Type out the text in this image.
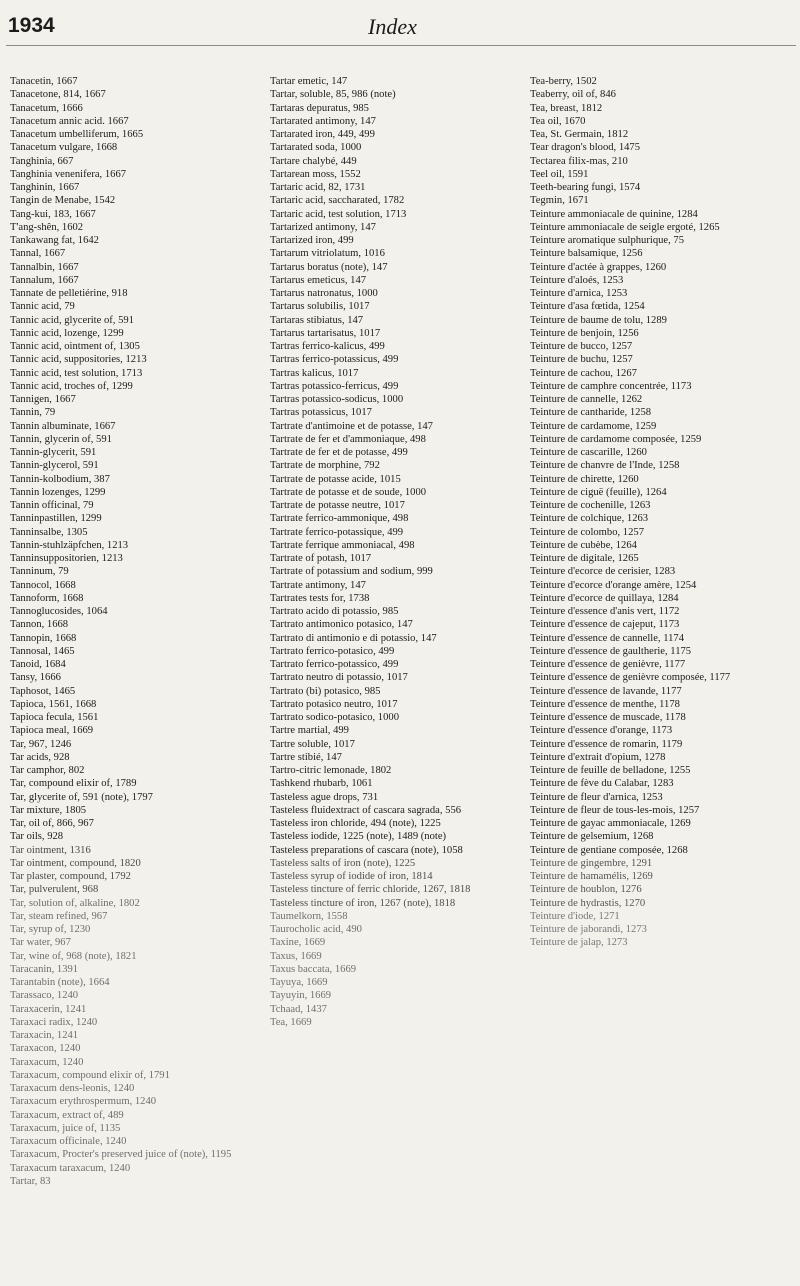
1934	Index
Tanacetin, 1667
Tanacetone, 814, 1667
Tanacetum, 1666
Tanacetum annic acid. 1667
Tanacetum umbelliferum, 1665
Tanacetum vulgare, 1668
Tanghinia, 667
Tanghinia venenifera, 1667
Tanghinin, 1667
Tangin de Menabe, 1542
Tang-kui, 183, 1667
T'ang-shên, 1602
Tankawang fat, 1642
Tannal, 1667
Tannalbin, 1667
Tannalum, 1667
Tannate de pelletiérine, 918
Tannic acid, 79
Tannic acid, glycerite of, 591
Tannic acid, lozenge, 1299
Tannic acid, ointment of, 1305
Tannic acid, suppositories, 1213
Tannic acid, test solution, 1713
Tannic acid, troches of, 1299
Tannigen, 1667
Tannin, 79
Tannin albuminate, 1667
Tannin, glycerin of, 591
Tannin-glycerit, 591
Tannin-glycerol, 591
Tannin-kolbodium, 387
Tannin lozenges, 1299
Tannin officinal, 79
Tanninpastillen, 1299
Tanninsalbe, 1305
Tannin-stuhlzäpfchen, 1213
Tanninsuppositorien, 1213
Tanninum, 79
Tannocol, 1668
Tannoform, 1668
Tannoglucosides, 1064
Tannon, 1668
Tannopin, 1668
Tannosal, 1465
Tanoid, 1684
Tansy, 1666
Taphosot, 1465
Tapioca, 1561, 1668
Tapioca fecula, 1561
Tapioca meal, 1669
Tar, 967, 1246
Tar acids, 928
Tar camphor, 802
Tar, compound elixir of, 1789
Tar, glycerite of, 591 (note), 1797
Tar mixture, 1805
Tar, oil of, 866, 967
Tar oils, 928
Tar ointment, 1316
Tar ointment, compound, 1820
Tar plaster, compound, 1792
Tar, pulverulent, 968
Tar, solution of, alkaline, 1802
Tar, steam refined, 967
Tar, syrup of, 1230
Tar water, 967
Tar, wine of, 968 (note), 1821
Taracanin, 1391
Tarantabin (note), 1664
Tarassaco, 1240
Taraxacerin, 1241
Taraxaci radix, 1240
Taraxacin, 1241
Taraxacon, 1240
Taraxacum, 1240
Taraxacum, compound elixir of, 1791
Taraxacum dens-leonis, 1240
Taraxacum erythrospermum, 1240
Taraxacum, extract of, 489
Taraxacum, juice of, 1135
Taraxacum officinale, 1240
Taraxacum, Procter's preserved juice of (note), 1195
Taraxacum taraxacum, 1240
Tartar, 83
Tartar emetic, 147
Tartar, soluble, 85, 986 (note)
Tartaras depuratus, 985
Tartarated antimony, 147
Tartarated iron, 449, 499
Tartarated soda, 1000
Tartare chalybé, 449
Tartarean moss, 1552
Tartaric acid, 82, 1731
Tartaric acid, saccharated, 1782
Tartaric acid, test solution, 1713
Tartarized antimony, 147
Tartarized iron, 499
Tartarum vitriolatum, 1016
Tartarus boratus (note), 147
Tartarus emeticus, 147
Tartarus natronatus, 1000
Tartarus solubilis, 1017
Tartaras stibiatus, 147
Tartarus tartarisatus, 1017
Tartras ferrico-kalicus, 499
Tartras ferrico-potassicus, 499
Tartras kalicus, 1017
Tartras potassico-ferricus, 499
Tartras potassico-sodicus, 1000
Tartras potassicus, 1017
Tartrate d'antimoine et de potasse, 147
Tartrate de fer et d'ammoniaque, 498
Tartrate de fer et de potasse, 499
Tartrate de morphine, 792
Tartrate de potasse acide, 1015
Tartrate de potasse et de soude, 1000
Tartrate de potasse neutre, 1017
Tartrate ferrico-ammonique, 498
Tartrate ferrico-potassique, 499
Tartrate ferrique ammoniacal, 498
Tartrate of potash, 1017
Tartrate of potassium and sodium, 999
Tartrate antimony, 147
Tartrates tests for, 1738
Tartrato acido di potassio, 985
Tartrato antimonico potasico, 147
Tartrato di antimonio e di potassio, 147
Tartrato ferrico-potasico, 499
Tartrato ferrico-potassico, 499
Tartrato neutro di potassio, 1017
Tartrato (bi) potasico, 985
Tartrato potasico neutro, 1017
Tartrato sodico-potasico, 1000
Tartre martial, 499
Tartre soluble, 1017
Tartre stibié, 147
Tartro-citric lemonade, 1802
Tashkend rhubarb, 1061
Tasteless ague drops, 731
Tasteless fluidextract of cascara sagrada, 556
Tasteless iron chloride, 494 (note), 1225
Tasteless iodide, 1225 (note), 1489 (note)
Tasteless preparations of cascara (note), 1058
Tasteless salts of iron (note), 1225
Tasteless syrup of iodide of iron, 1814
Tasteless tincture of ferric chloride, 1267, 1818
Tasteless tincture of iron, 1267 (note), 1818
Taumelkorn, 1558
Taurocholic acid, 490
Taxine, 1669
Taxus, 1669
Taxus baccata, 1669
Tayuya, 1669
Tayuyin, 1669
Tchaad, 1437
Tea, 1669
Tea-berry, 1502
Teaberry, oil of, 846
Tea, breast, 1812
Tea oil, 1670
Tea, St. Germain, 1812
Tear dragon's blood, 1475
Tectarea filix-mas, 210
Teel oil, 1591
Teeth-bearing fungi, 1574
Tegmin, 1671
Teinture ammoniacale de quinine, 1284
Teinture ammoniacale de seigle ergoté, 1265
Teinture aromatique sulphurique, 75
Teinture balsamique, 1256
Teinture d'actée à grappes, 1260
Teinture d'aloés, 1253
Teinture d'arnica, 1253
Teinture d'asa fœtida, 1254
Teinture de baume de tolu, 1289
Teinture de benjoin, 1256
Teinture de bucco, 1257
Teinture de buchu, 1257
Teinture de cachou, 1267
Teinture de camphre concentrée, 1173
Teinture de cannelle, 1262
Teinture de cantharide, 1258
Teinture de cardamome, 1259
Teinture de cardamome composée, 1259
Teinture de cascarille, 1260
Teinture de chanvre de l'Inde, 1258
Teinture de chirette, 1260
Teinture de ciguë (feuille), 1264
Teinture de cochenille, 1263
Teinture de colchique, 1263
Teinture de colombo, 1257
Teinture de cubèbe, 1264
Teinture de digitale, 1265
Teinture d'ecorce de cerisier, 1283
Teinture d'ecorce d'orange amère, 1254
Teinture d'ecorce de quillaya, 1284
Teinture d'essence d'anis vert, 1172
Teinture d'essence de cajeput, 1173
Teinture d'essence de cannelle, 1174
Teinture d'essence de gaultherie, 1175
Teinture d'essence de genièvre, 1177
Teinture d'essence de genièvre composée, 1177
Teinture d'essence de lavande, 1177
Teinture d'essence de menthe, 1178
Teinture d'essence de muscade, 1178
Teinture d'essence d'orange, 1173
Teinture d'essence de romarin, 1179
Teinture d'extrait d'opium, 1278
Teinture de feuille de belladone, 1255
Teinture de fève du Calabar, 1283
Teinture de fleur d'arnica, 1253
Teinture de fleur de tous-les-mois, 1257
Teinture de gayac ammoniacale, 1269
Teinture de gelsemium, 1268
Teinture de gentiane composée, 1268
Teinture de gingembre, 1291
Teinture de hamamélis, 1269
Teinture de houblon, 1276
Teinture de hydrastis, 1270
Teinture d'iode, 1271
Teinture de jaborandi, 1273
Teinture de jalap, 1273
